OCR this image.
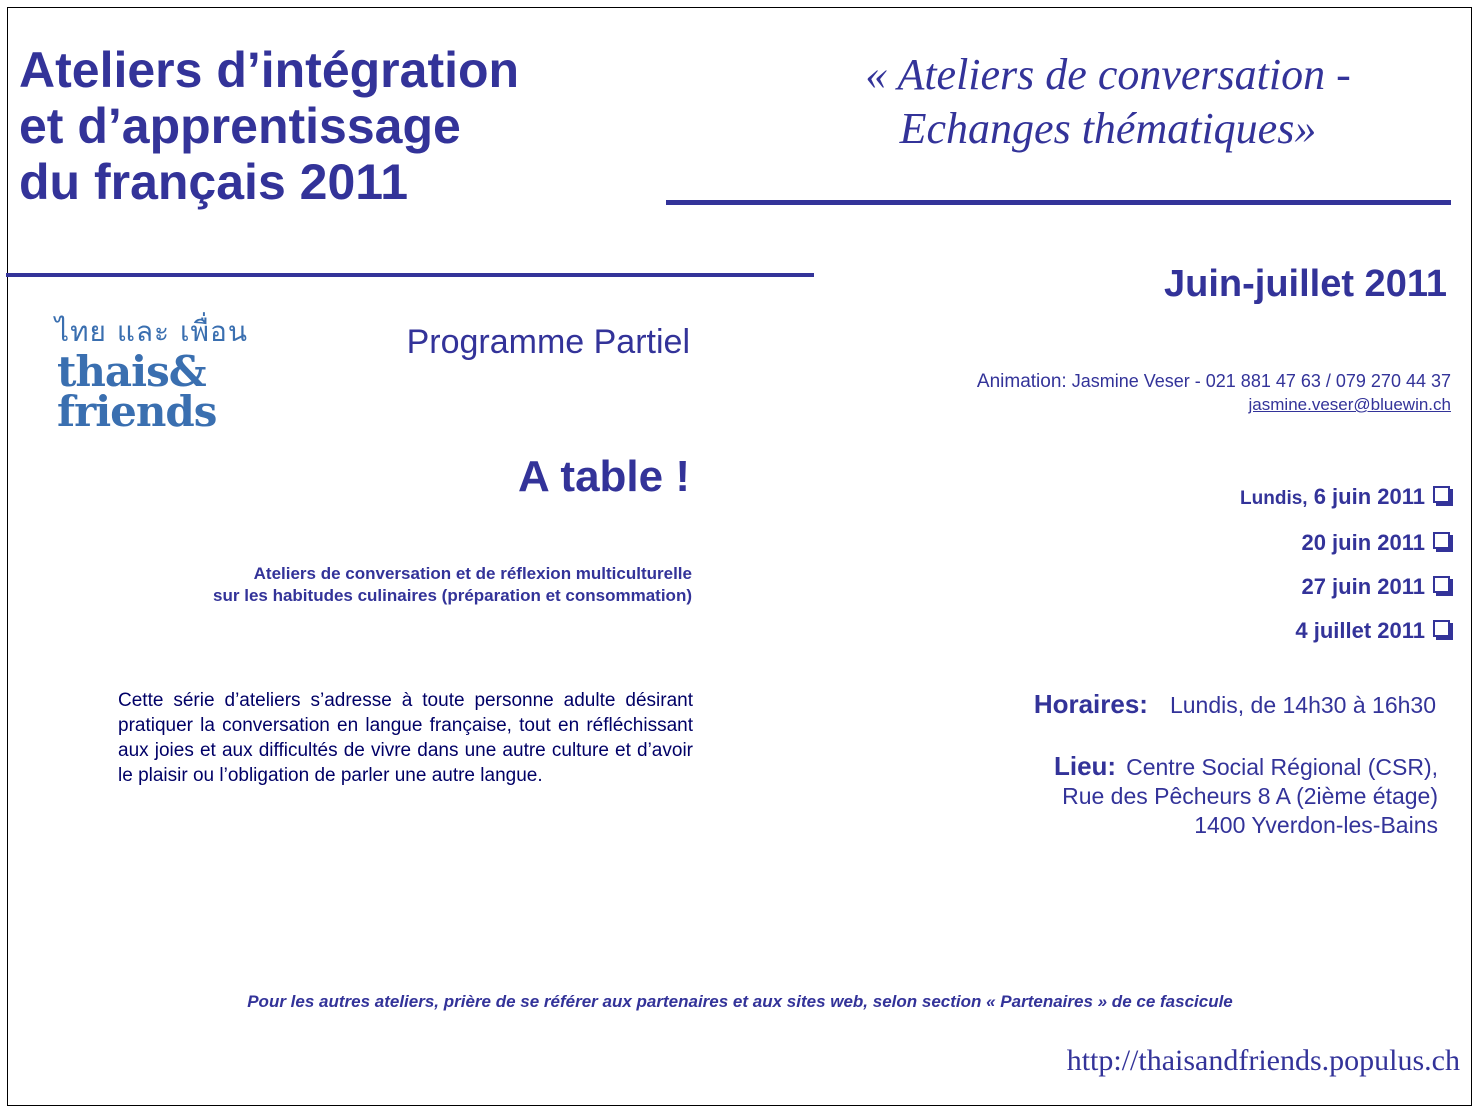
Ateliers d’intégration
et d’apprentissage
du français 2011
« Ateliers de conversation -
Echanges thématiques»
Juin-juillet 2011
ไทย และ เพื่อน
thais&
friends
Programme Partiel
Animation: Jasmine Veser - 021 881 47 63 / 079 270 44 37
jasmine.veser@bluewin.ch
A table !
Ateliers de conversation et de réflexion multiculturelle
sur les habitudes culinaires (préparation et consommation)
Lundis, 6 juin 2011
20 juin 2011
27 juin 2011
4 juillet 2011

Cette série d’ateliers s’adresse à toute personne adulte désirant pratiquer la conversation en langue française, tout en réfléchissant aux joies et aux difficultés de vivre dans une autre culture et d’avoir le plaisir ou l’obligation de parler une autre langue.

Horaires: Lundis, de 14h30 à 16h30
Lieu: Centre Social Régional (CSR),
Rue des Pêcheurs 8 A (2ième étage)
1400 Yverdon-les-Bains
Pour les autres ateliers, prière de se référer aux partenaires et aux sites web, selon section « Partenaires » de ce fascicule
http://thaisandfriends.populus.ch
